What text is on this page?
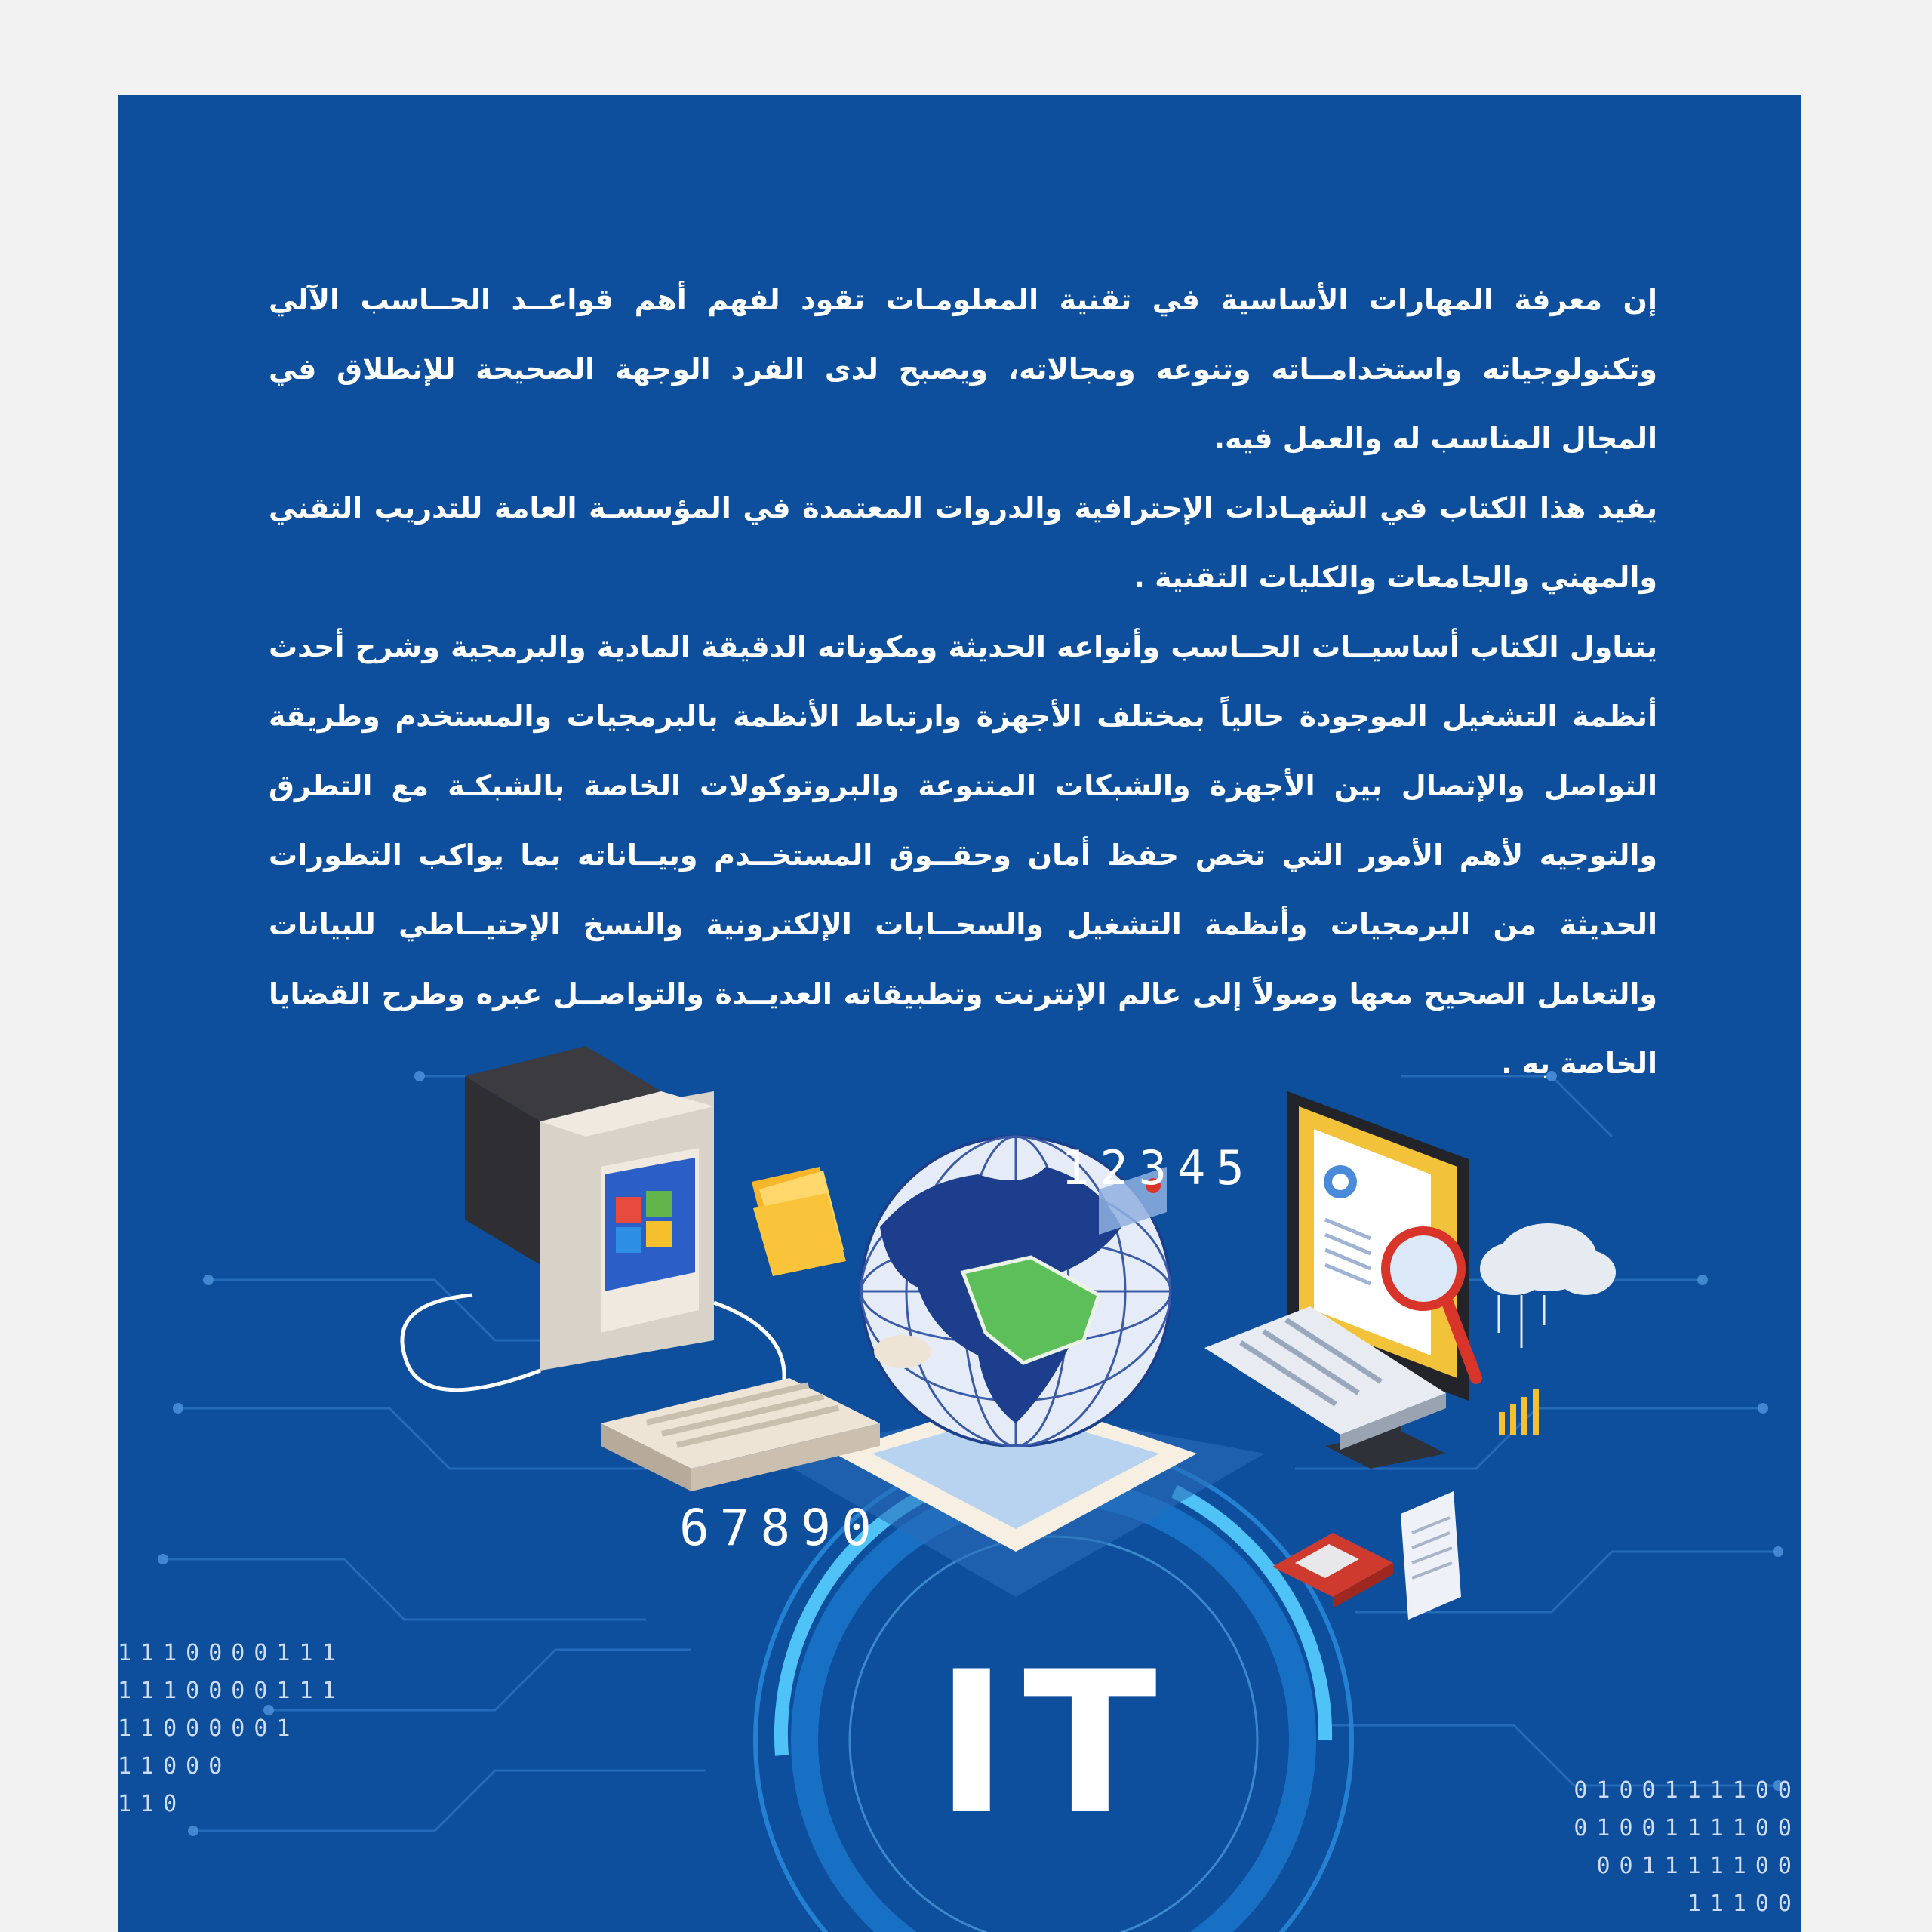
إن معرفة المهارات الأساسية في تقنية المعلومـات تقود لفهم أهم قواعــد الحــاسب الآلي وتكنولوجياته واستخدامــاته وتنوعه ومجالاته، ويصبح لدى الفرد الوجهة الصحيحة للإنطلاق في المجال المناسب له والعمل فيه.

يفيد هذا الكتاب في الشهـادات الإحترافية والدروات المعتمدة في المؤسسـة العامة للتدريب التقني والمهني والجامعات والكليات التقنية .

يتناول الكتاب أساسيــات الحــاسب وأنواعه الحديثة ومكوناته الدقيقة المادية والبرمجية وشرح أحدث أنظمة التشغيل الموجودة حالياً بمختلف الأجهزة وارتباط الأنظمة بالبرمجيات والمستخدم وطريقة التواصل والإتصال بين الأجهزة والشبكات المتنوعة والبروتوكولات الخاصة بالشبكـة مع التطرق والتوجيه لأهم الأمور التي تخص حفظ أمان وحقــوق المستخــدم وبيــاناته بما يواكب التطورات الحديثة من البرمجيات وأنظمة التشغيل والسحــابات الإلكترونية والنسخ الإحتيــاطي للبيانات والتعامل الصحيح معها وصولاً إلى عالم الإنترنت وتطبيقاته العديــدة والتواصــل عبره وطرح القضايا الخاصة به .

12345
67890
IT
1110000111
1110000111
11000001
11000
110
0100111100
0100111100
001111100
11100
